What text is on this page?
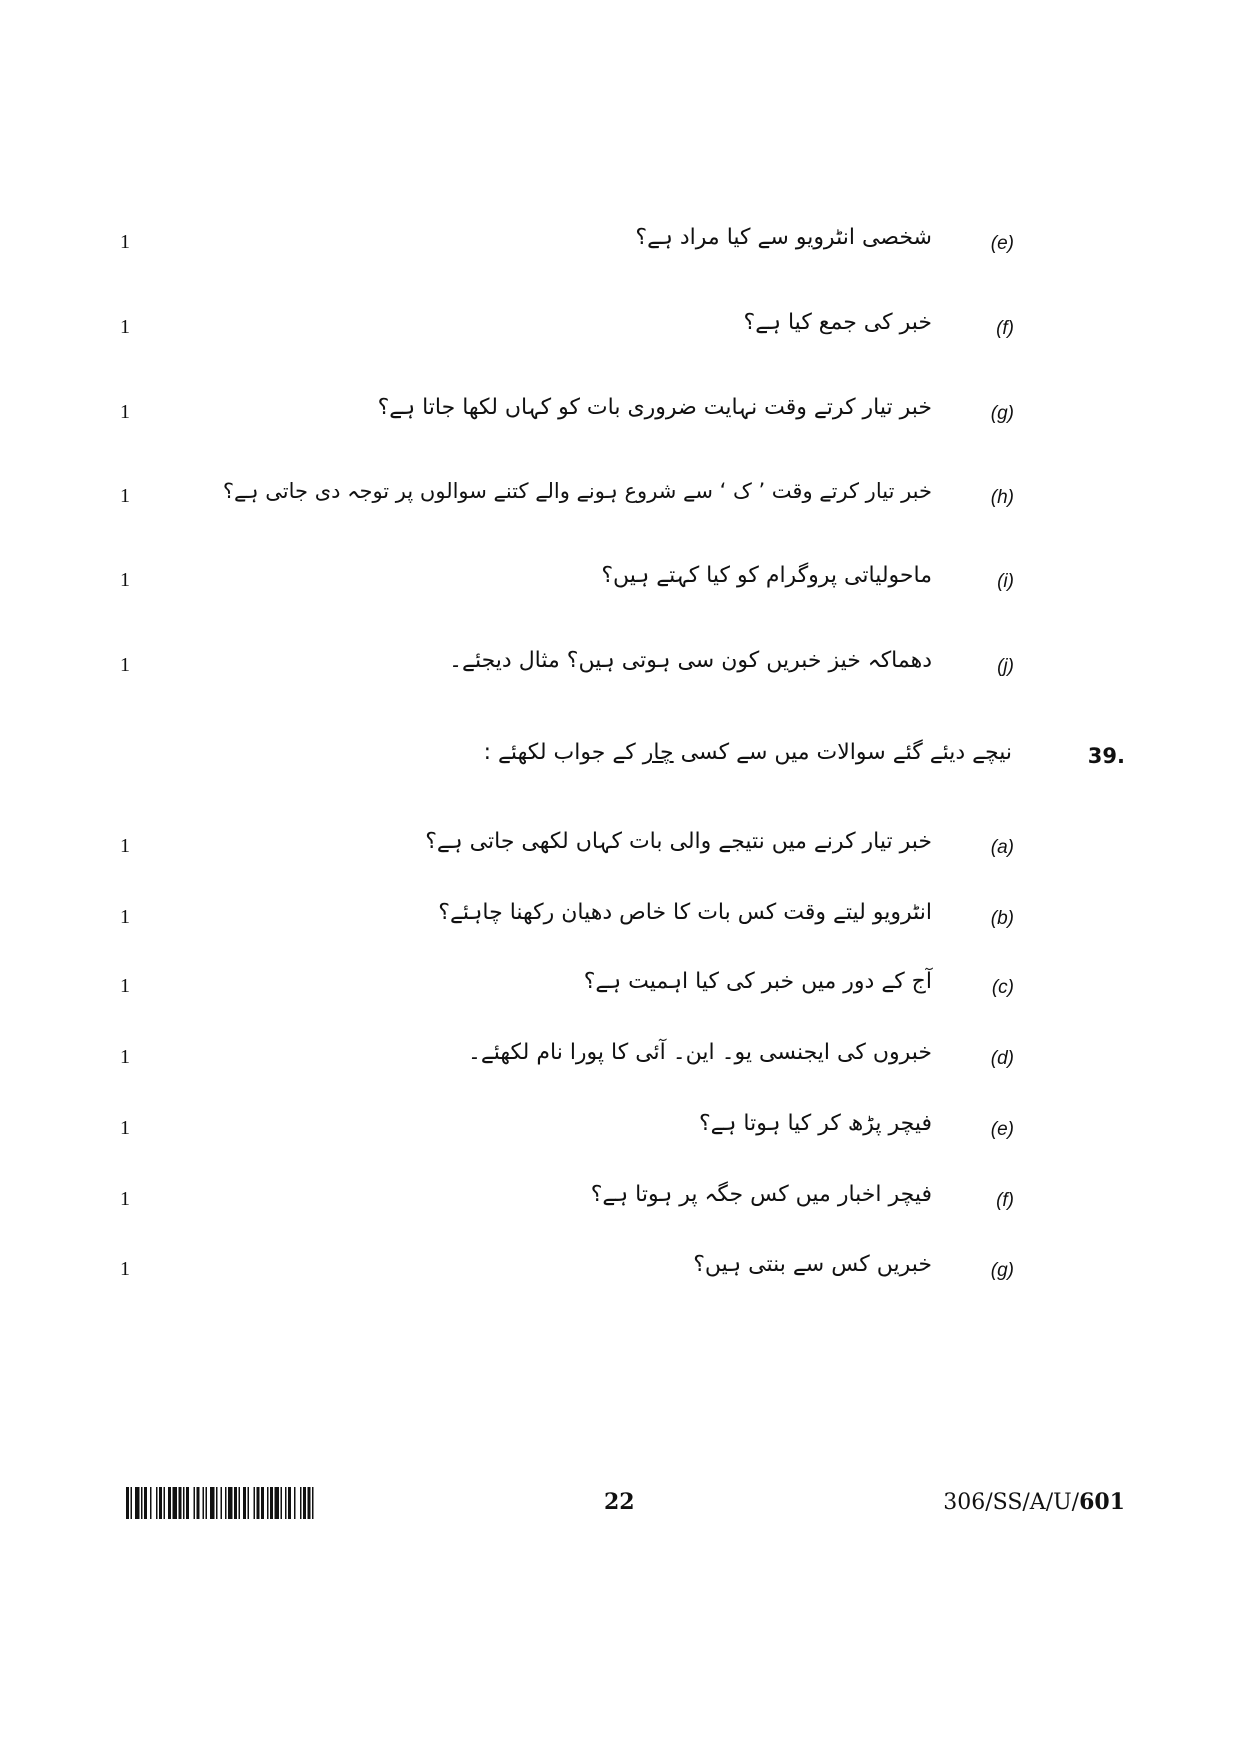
1	شخصی انٹرویو سے کیا مراد ہے؟	(e)
1	خبر کی جمع کیا ہے؟	(f)
1	خبر تیار کرتے وقت نہایت ضروری بات کو کہاں لکھا جاتا ہے؟	(g)
1	خبر تیار کرتے وقت ’ ک ‘ سے شروع ہونے والے کتنے سوالوں پر توجہ دی جاتی ہے؟	(h)
1	ماحولیاتی پروگرام کو کیا کہتے ہیں؟	(i)
1	دھماکہ خیز خبریں کون سی ہوتی ہیں؟ مثال دیجئے۔	(j)
39.
نیچے دیئے گئے سوالات میں سے کسی چار کے جواب لکھئے :
1	خبر تیار کرنے میں نتیجے والی بات کہاں لکھی جاتی ہے؟	(a)
1	انٹرویو لیتے وقت کس بات کا خاص دھیان رکھنا چاہئے؟	(b)
1	آج کے دور میں خبر کی کیا اہمیت ہے؟	(c)
1	خبروں کی ایجنسی یو۔ این۔ آئی کا پورا نام لکھئے۔	(d)
1	فیچر پڑھ کر کیا ہوتا ہے؟	(e)
1	فیچر اخبار میں کس جگہ پر ہوتا ہے؟	(f)
1	خبریں کس سے بنتی ہیں؟	(g)
22	306/SS/A/U/601
